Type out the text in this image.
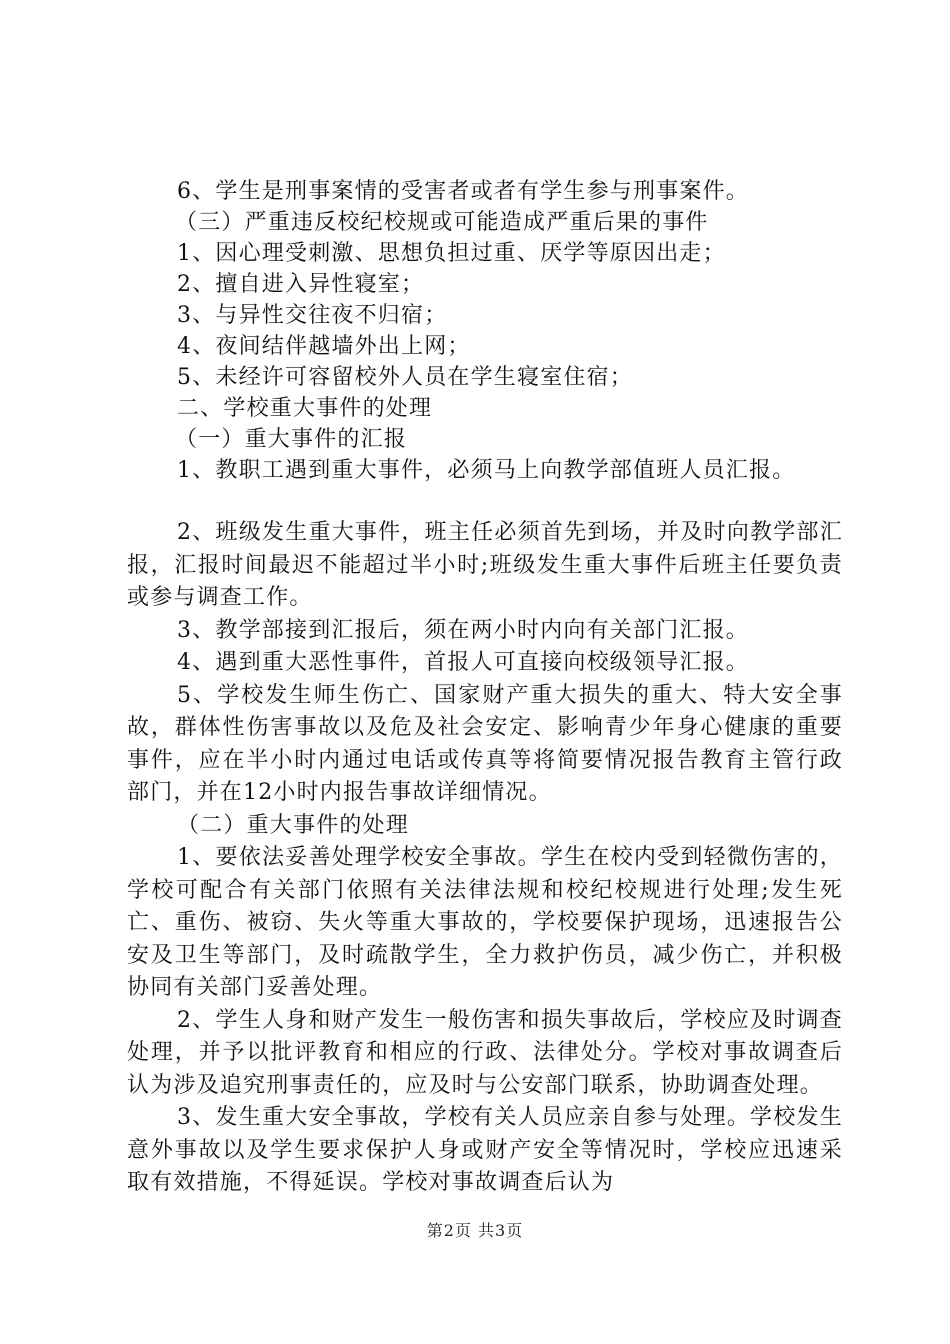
6、学生是刑事案情的受害者或者有学生参与刑事案件。
（三）严重违反校纪校规或可能造成严重后果的事件
1、因心理受刺激、思想负担过重、厌学等原因出走；
2、擅自进入异性寝室；
3、与异性交往夜不归宿；
4、夜间结伴越墙外出上网；
5、未经许可容留校外人员在学生寝室住宿；
二、学校重大事件的处理
（一）重大事件的汇报
1、教职工遇到重大事件，必须马上向教学部值班人员汇报。
2、班级发生重大事件，班主任必须首先到场，并及时向教学部汇报，汇报时间最迟不能超过半小时;班级发生重大事件后班主任要负责或参与调查工作。
3、教学部接到汇报后，须在两小时内向有关部门汇报。
4、遇到重大恶性事件，首报人可直接向校级领导汇报。
5、学校发生师生伤亡、国家财产重大损失的重大、特大安全事故，群体性伤害事故以及危及社会安定、影响青少年身心健康的重要事件，应在半小时内通过电话或传真等将简要情况报告教育主管行政部门，并在12小时内报告事故详细情况。
（二）重大事件的处理
1、要依法妥善处理学校安全事故。学生在校内受到轻微伤害的，学校可配合有关部门依照有关法律法规和校纪校规进行处理;发生死亡、重伤、被窃、失火等重大事故的，学校要保护现场，迅速报告公安及卫生等部门，及时疏散学生，全力救护伤员，减少伤亡，并积极协同有关部门妥善处理。
2、学生人身和财产发生一般伤害和损失事故后，学校应及时调查处理，并予以批评教育和相应的行政、法律处分。学校对事故调查后认为涉及追究刑事责任的，应及时与公安部门联系，协助调查处理。
3、发生重大安全事故，学校有关人员应亲自参与处理。学校发生意外事故以及学生要求保护人身或财产安全等情况时，学校应迅速采取有效措施，不得延误。学校对事故调查后认为
第2页 共3页
